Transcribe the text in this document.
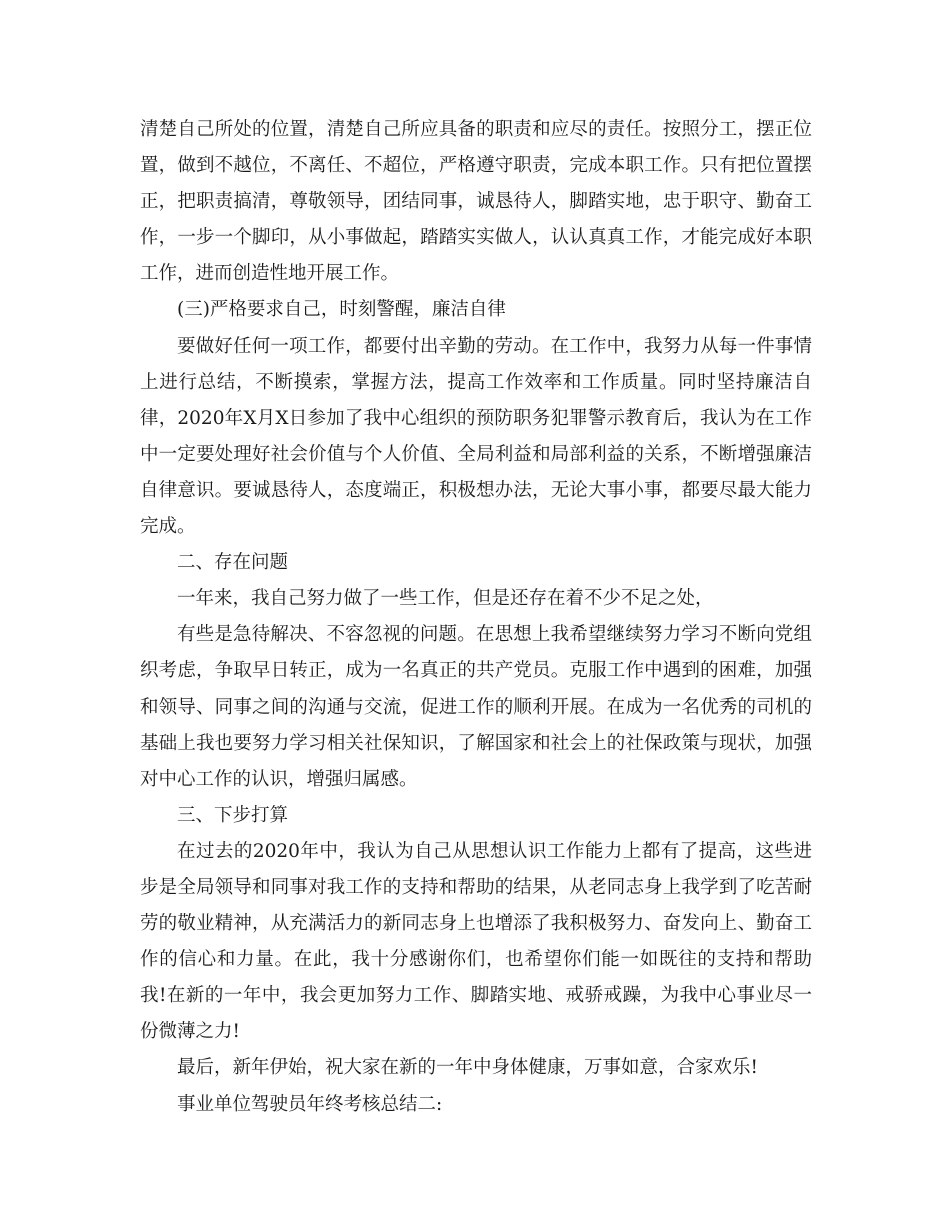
清楚自己所处的位置，清楚自己所应具备的职责和应尽的责任。按照分工，摆正位置，做到不越位，不离任、不超位，严格遵守职责，完成本职工作。只有把位置摆正，把职责搞清，尊敬领导，团结同事，诚恳待人，脚踏实地，忠于职守、勤奋工作，一步一个脚印，从小事做起，踏踏实实做人，认认真真工作，才能完成好本职工作，进而创造性地开展工作。

(三)严格要求自己，时刻警醒，廉洁自律

要做好任何一项工作，都要付出辛勤的劳动。在工作中，我努力从每一件事情上进行总结，不断摸索，掌握方法，提高工作效率和工作质量。同时坚持廉洁自律，2020年X月X日参加了我中心组织的预防职务犯罪警示教育后，我认为在工作中一定要处理好社会价值与个人价值、全局利益和局部利益的关系，不断增强廉洁自律意识。要诚恳待人，态度端正，积极想办法，无论大事小事，都要尽最大能力完成。

二、存在问题

一年来，我自己努力做了一些工作，但是还存在着不少不足之处，

有些是急待解决、不容忽视的问题。在思想上我希望继续努力学习不断向党组织考虑，争取早日转正，成为一名真正的共产党员。克服工作中遇到的困难，加强和领导、同事之间的沟通与交流，促进工作的顺利开展。在成为一名优秀的司机的基础上我也要努力学习相关社保知识，了解国家和社会上的社保政策与现状，加强对中心工作的认识，增强归属感。

三、下步打算

在过去的2020年中，我认为自己从思想认识工作能力上都有了提高，这些进步是全局领导和同事对我工作的支持和帮助的结果，从老同志身上我学到了吃苦耐劳的敬业精神，从充满活力的新同志身上也增添了我积极努力、奋发向上、勤奋工作的信心和力量。在此，我十分感谢你们，也希望你们能一如既往的支持和帮助我!在新的一年中，我会更加努力工作、脚踏实地、戒骄戒躁，为我中心事业尽一份微薄之力!

最后，新年伊始，祝大家在新的一年中身体健康，万事如意，合家欢乐!

事业单位驾驶员年终考核总结二:
